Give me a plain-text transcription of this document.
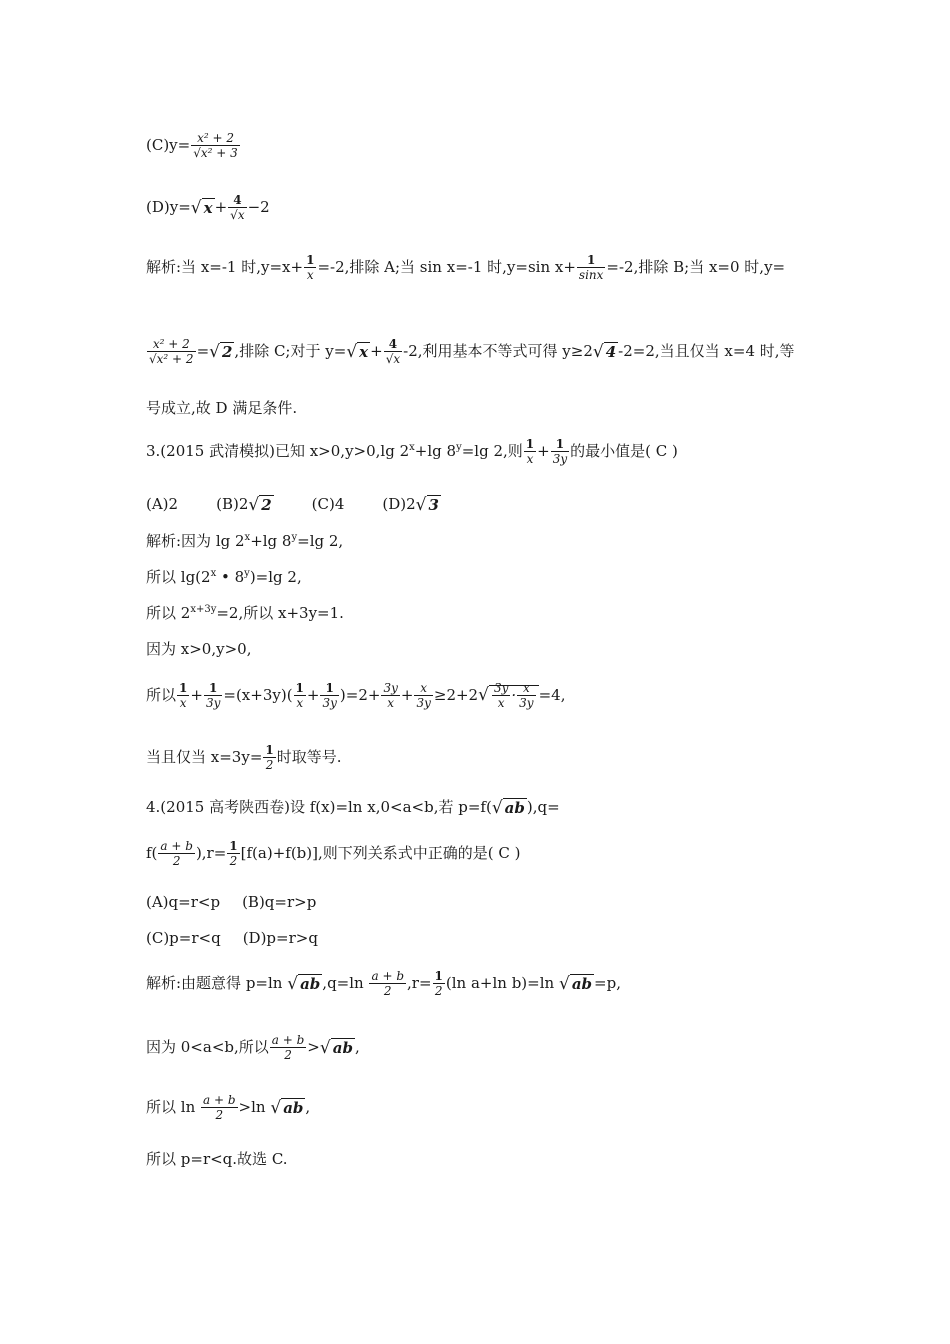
$(C)y= \frac{\text{x² + 2}}{\text{√x² + 3}}$
(D)y=√ $x + \frac{4}{√x} -2$
解析:当 x=-1 时$,y=x+ \frac{1}{x} =-2$,排除 A;当 sin x=-1 时,y=sin $x+ \frac{1}{\sin x} =-2$,排除 B;当 x=0 时,y=
$\frac{\text{x² + 2}}{\text{√x² + 2}}$ =√ 2 ,排除 C;对于 y=√ $x + \frac{4}{√x} -2$,利用基本不等式可得 y≥2√ 4 -2=2,当且仅当 x=4 时,等
号成立,故 D 满足条件.
3.(2015 武清模拟)已知 x>0,y>0,lg $2^x+\lg$ $8^y=\lg$ 2,则 $\frac{1}{x} + \frac{1}{3y}$ 的最小值是( C )
(A)2	(B)2√ 2	(C)4	(D)2√ 3
解析:因为 $\lg 2^x+\lg$ $8^y=\lg$ 2,
所以 lg(2$^x$ • $8^y)=\lg$ 2,
所以 $2^{x+3y}=2$,所以 x+3y=1.
因为 x>0,y>0,
所以 $\frac{1}{x} + \frac{1}{3y} =(x+3y)( \frac{1}{x} + \frac{1}{3y} )=2+ \frac{3y}{x} + \frac{x}{3y} \ge 2+2√ \frac{3y}{x} \cdot \frac{x}{3y} =4$,
当且仅当 $x=3y= \frac{1}{2}$ 时取等号.
4.(2015 高考陕西卷)设 f(x)=ln x,0<a<b,若 p=f(√ ab ),q=
$f( \frac{a + b}{2} ),r= \frac{1}{2} [f(a)+f(b)]$,则下列关系式中正确的是( C )
(A)q=r<p (B)q=r>p
(C)p=r<q (D)p=r>q
解析:由题意得 p=ln √ ab $,q=\ln \frac{a + b}{2} ,r= \frac{1}{2} (\ln$ a+ln b)=ln √ ab =p,
因为 0<a<b,所以 $\frac{a + b}{2}$ >√ ab ,
所以 $\ln \frac{a + b}{2} >\ln$ √ ab ,
所以 p=r<q.故选 C.
